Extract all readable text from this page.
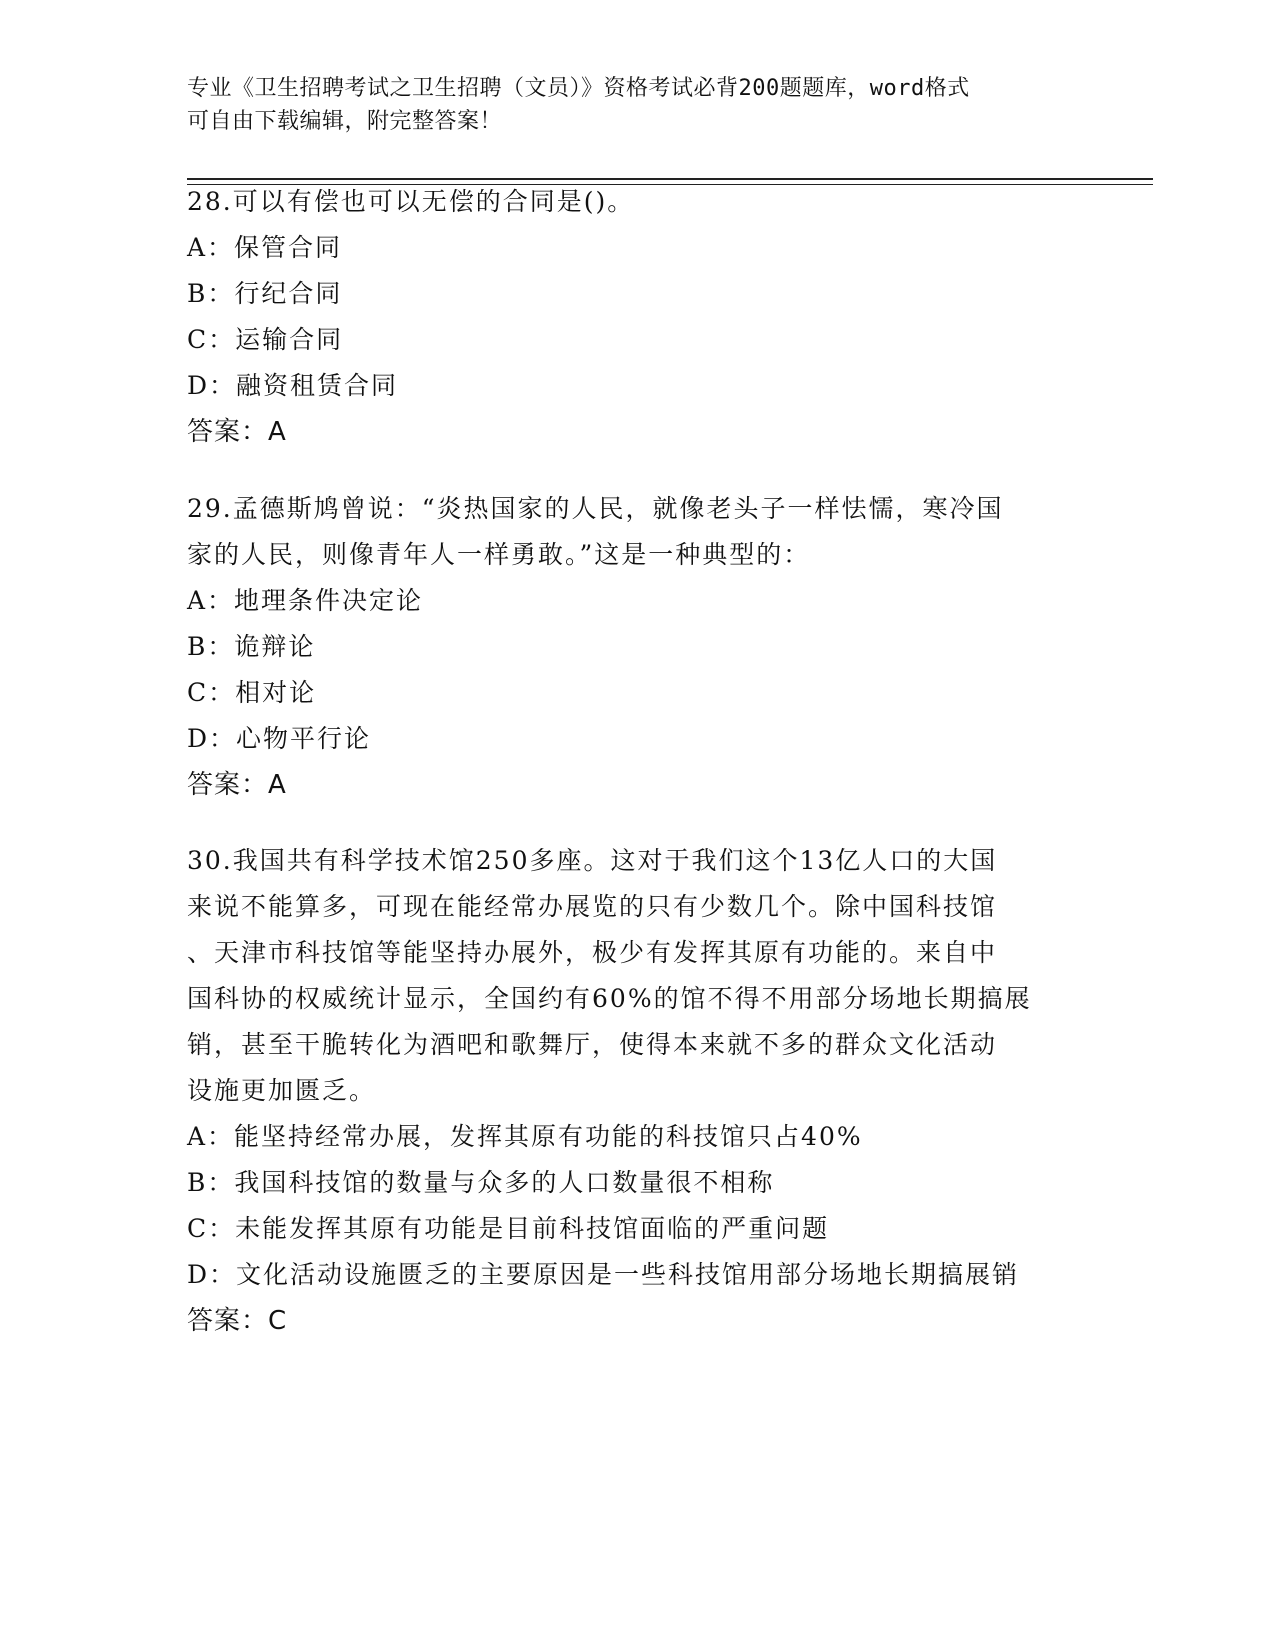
专业《卫生招聘考试之卫生招聘（文员）》资格考试必背200题题库，word格式
可自由下载编辑，附完整答案！

28.可以有偿也可以无偿的合同是()。

A：保管合同

B：行纪合同

C：运输合同

D：融资租赁合同

答案：A

29.孟德斯鸠曾说：“炎热国家的人民，就像老头子一样怯懦，寒冷国

家的人民，则像青年人一样勇敢。”这是一种典型的：

A：地理条件决定论

B：诡辩论

C：相对论

D：心物平行论

答案：A

30.我国共有科学技术馆250多座。这对于我们这个13亿人口的大国

来说不能算多，可现在能经常办展览的只有少数几个。除中国科技馆

、天津市科技馆等能坚持办展外，极少有发挥其原有功能的。来自中

国科协的权威统计显示，全国约有60%的馆不得不用部分场地长期搞展

销，甚至干脆转化为酒吧和歌舞厅，使得本来就不多的群众文化活动

设施更加匮乏。

A：能坚持经常办展，发挥其原有功能的科技馆只占40%

B：我国科技馆的数量与众多的人口数量很不相称

C：未能发挥其原有功能是目前科技馆面临的严重问题

D：文化活动设施匮乏的主要原因是一些科技馆用部分场地长期搞展销

答案：C
